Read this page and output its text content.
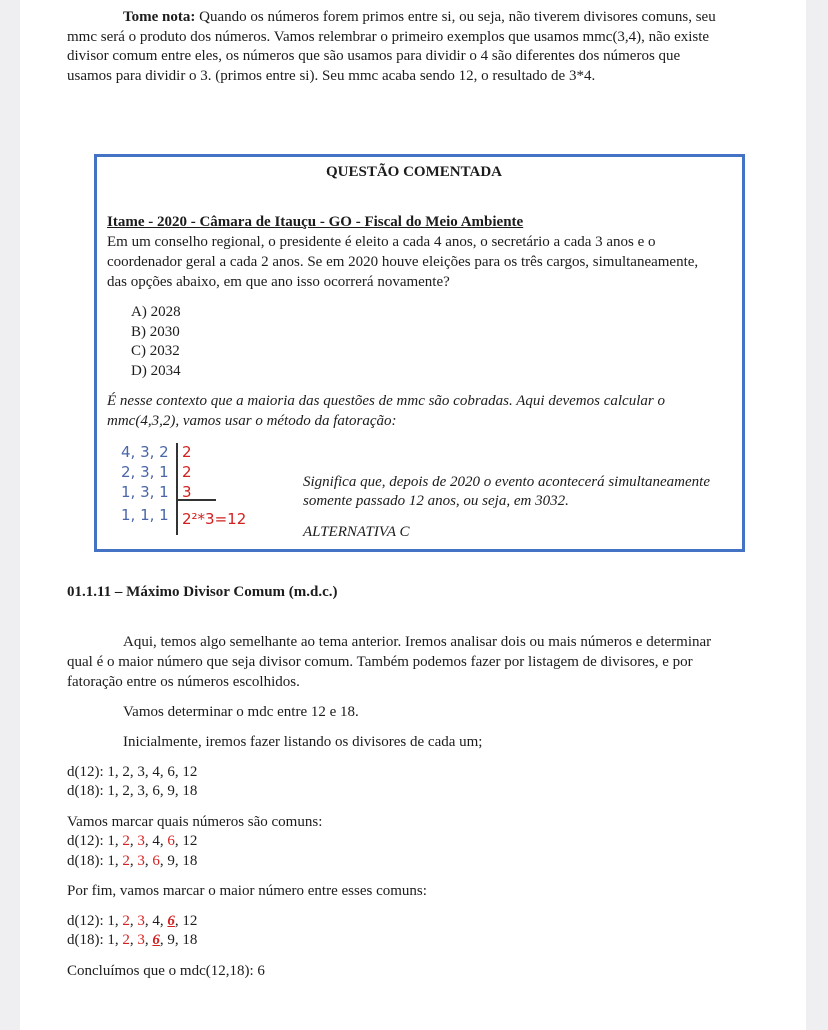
Tome nota: Quando os números forem primos entre si, ou seja, não tiverem divisores comuns, seu
mmc será o produto dos números. Vamos relembrar o primeiro exemplos que usamos mmc(3,4), não existe
divisor comum entre eles, os números que são usamos para dividir o 4 são diferentes dos números que
usamos para dividir o 3. (primos entre si). Seu mmc acaba sendo 12, o resultado de 3*4.
QUESTÃO COMENTADA
Itame - 2020 - Câmara de Itauçu - GO - Fiscal do Meio Ambiente
Em um conselho regional, o presidente é eleito a cada 4 anos, o secretário a cada 3 anos e o
coordenador geral a cada 2 anos. Se em 2020 houve eleições para os três cargos, simultaneamente,
das opções abaixo, em que ano isso ocorrerá novamente?
A) 2028
B) 2030
C) 2032
D) 2034
É nesse contexto que a maioria das questões de mmc são cobradas. Aqui devemos calcular o
mmc(4,3,2), vamos usar o método da fatoração:
4, 3, 2
2, 3, 1
1, 3, 1
1, 1, 1
2
2
3
2²*3=12
Significa que, depois de 2020 o evento acontecerá simultaneamente
somente passado 12 anos, ou seja, em 3032.
ALTERNATIVA C
01.1.11 – Máximo Divisor Comum (m.d.c.)
Aqui, temos algo semelhante ao tema anterior. Iremos analisar dois ou mais números e determinar
qual é o maior número que seja divisor comum. Também podemos fazer por listagem de divisores, e por
fatoração entre os números escolhidos.
Vamos determinar o mdc entre 12 e 18.
Inicialmente, iremos fazer listando os divisores de cada um;
d(12): 1, 2, 3, 4, 6, 12
d(18): 1, 2, 3, 6, 9, 18
Vamos marcar quais números são comuns:
d(12): 1, 2, 3, 4, 6, 12
d(18): 1, 2, 3, 6, 9, 18
Por fim, vamos marcar o maior número entre esses comuns:
d(12): 1, 2, 3, 4, 6, 12
d(18): 1, 2, 3, 6, 9, 18
Concluímos que o mdc(12,18): 6
